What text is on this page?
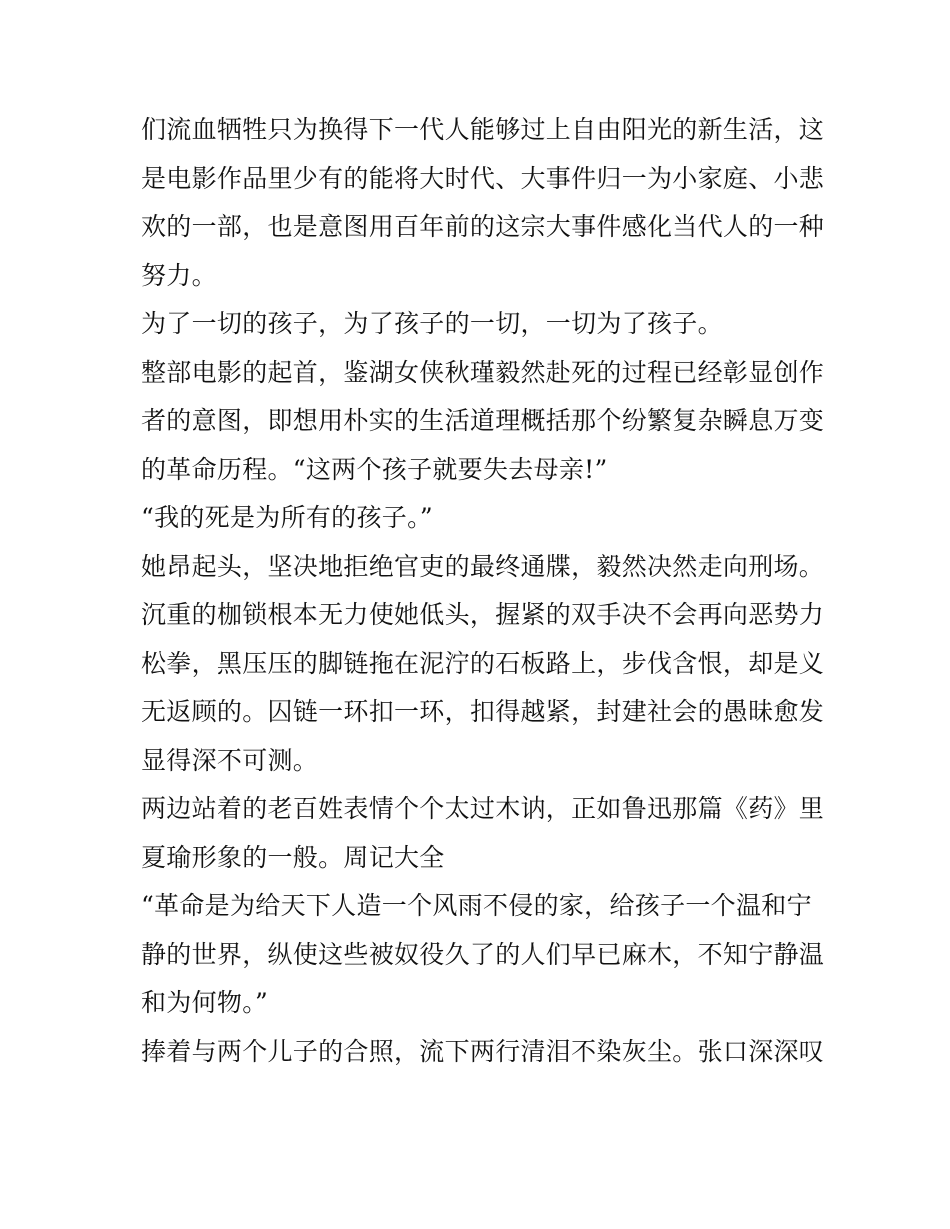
们流血牺牲只为换得下一代人能够过上自由阳光的新生活，这
是电影作品里少有的能将大时代、大事件归一为小家庭、小悲
欢的一部，也是意图用百年前的这宗大事件感化当代人的一种
努力。
为了一切的孩子，为了孩子的一切，一切为了孩子。
整部电影的起首，鉴湖女侠秋瑾毅然赴死的过程已经彰显创作
者的意图，即想用朴实的生活道理概括那个纷繁复杂瞬息万变
的革命历程。“这两个孩子就要失去母亲!”
“我的死是为所有的孩子。”
她昂起头，坚决地拒绝官吏的最终通牒，毅然决然走向刑场。
沉重的枷锁根本无力使她低头，握紧的双手决不会再向恶势力
松拳，黑压压的脚链拖在泥泞的石板路上，步伐含恨，却是义
无返顾的。囚链一环扣一环，扣得越紧，封建社会的愚昧愈发
显得深不可测。
两边站着的老百姓表情个个太过木讷，正如鲁迅那篇《药》里
夏瑜形象的一般。周记大全
“革命是为给天下人造一个风雨不侵的家，给孩子一个温和宁
静的世界，纵使这些被奴役久了的人们早已麻木，不知宁静温
和为何物。”
捧着与两个儿子的合照，流下两行清泪不染灰尘。张口深深叹
